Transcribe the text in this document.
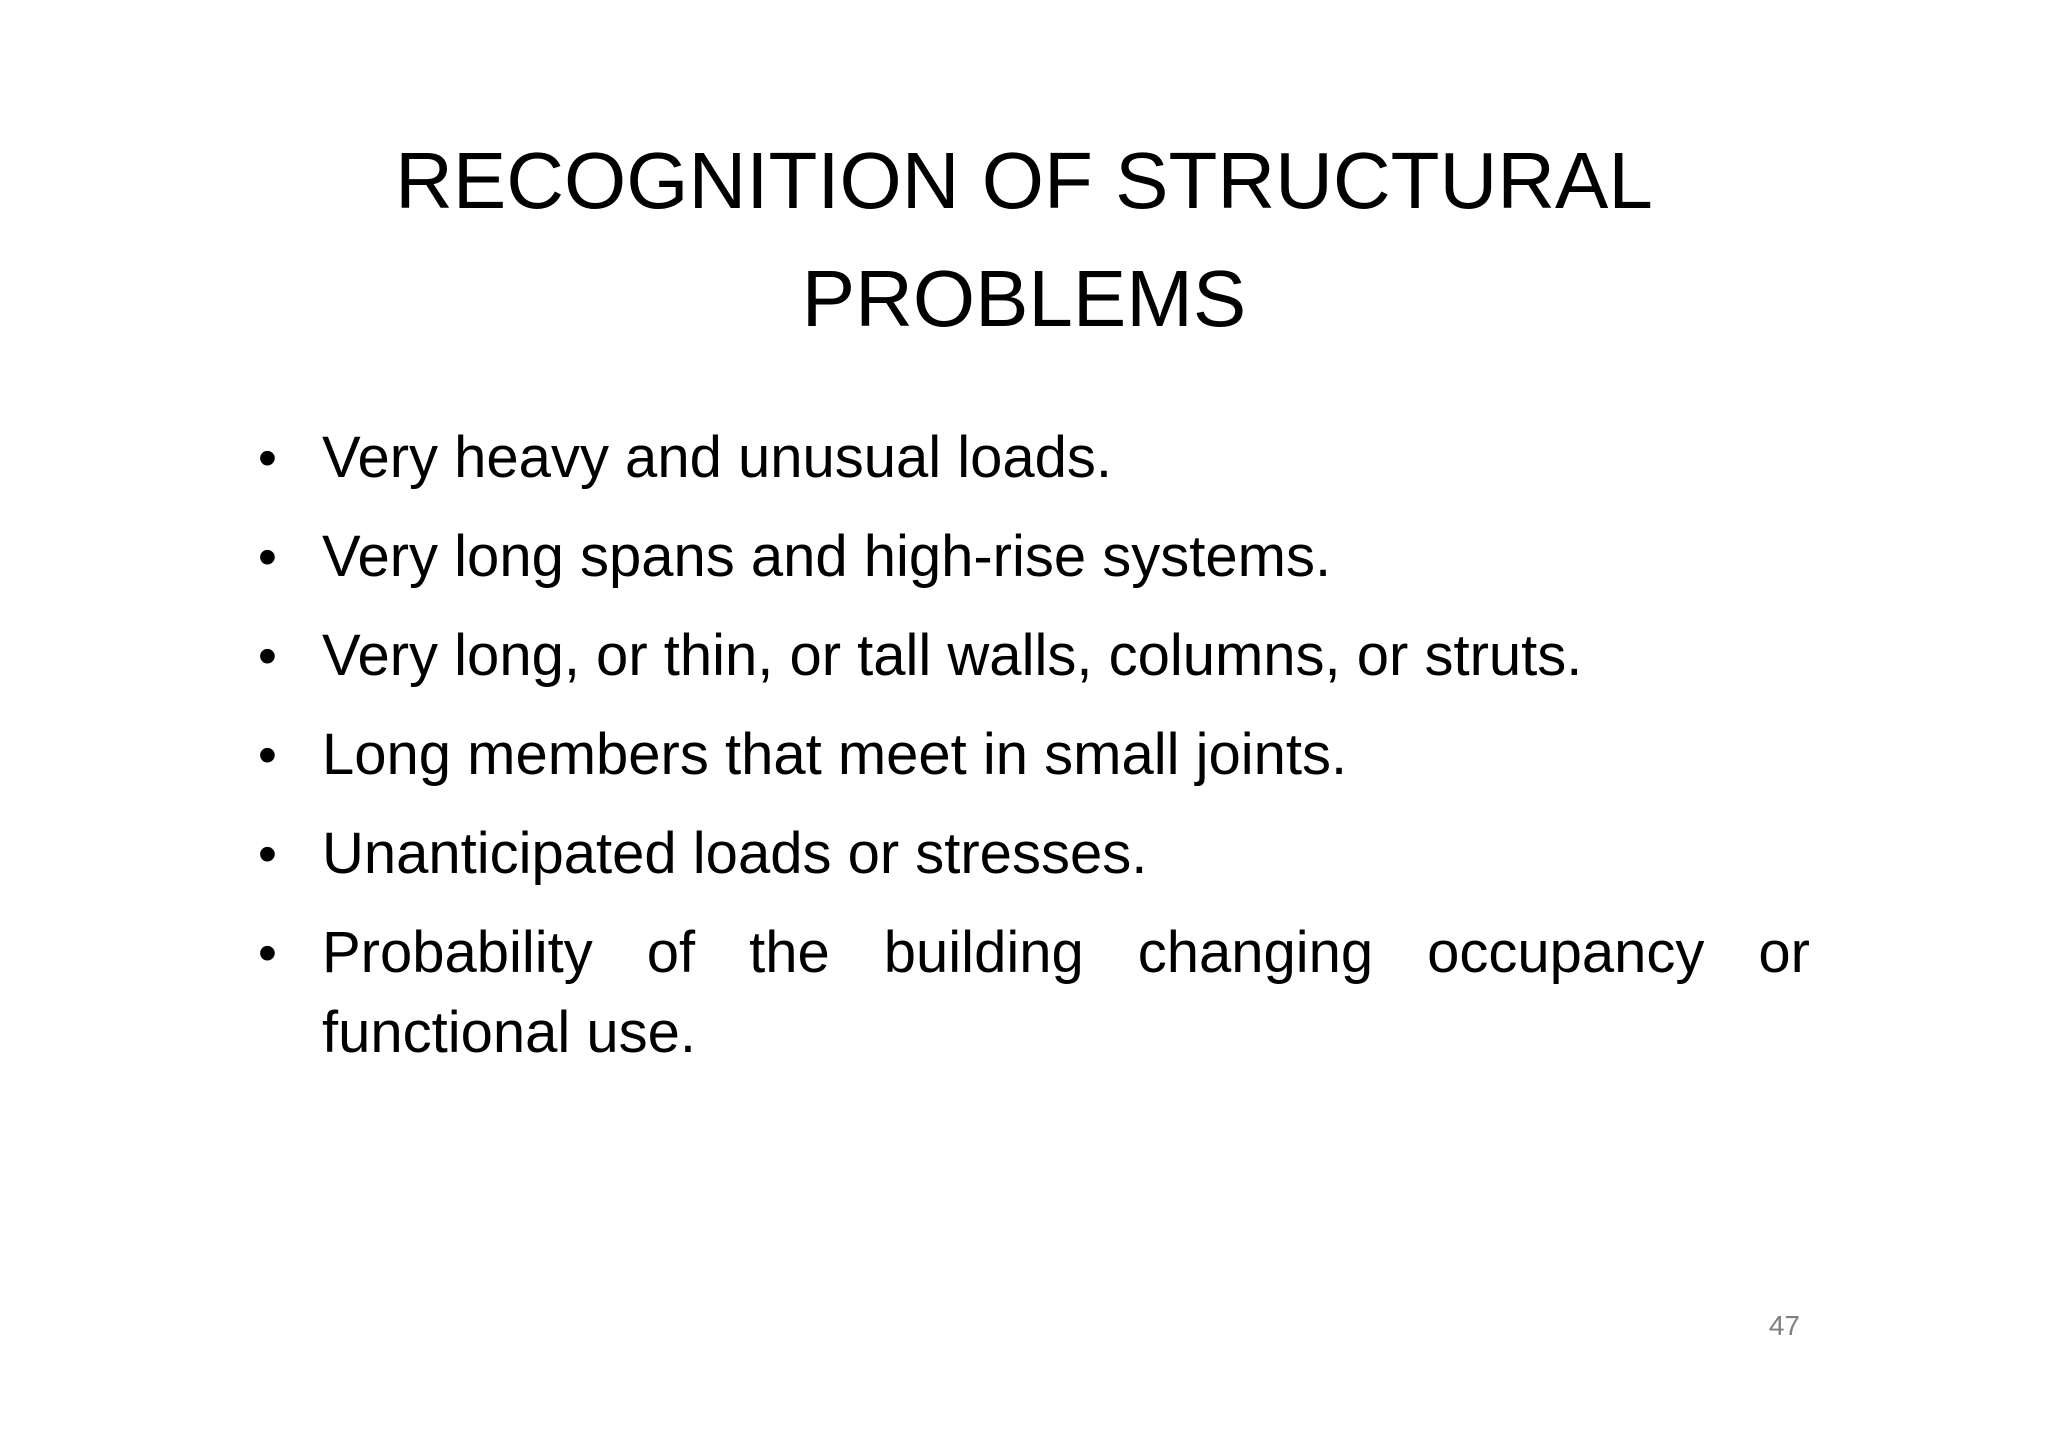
RECOGNITION OF STRUCTURAL
PROBLEMS
• Very heavy and unusual loads.
• Very long spans and high-rise systems.
• Very long, or thin, or tall walls, columns, or struts.
• Long members that meet in small joints.
• Unanticipated loads or stresses.
• Probability of the building changing occupancy or functional use.
47
